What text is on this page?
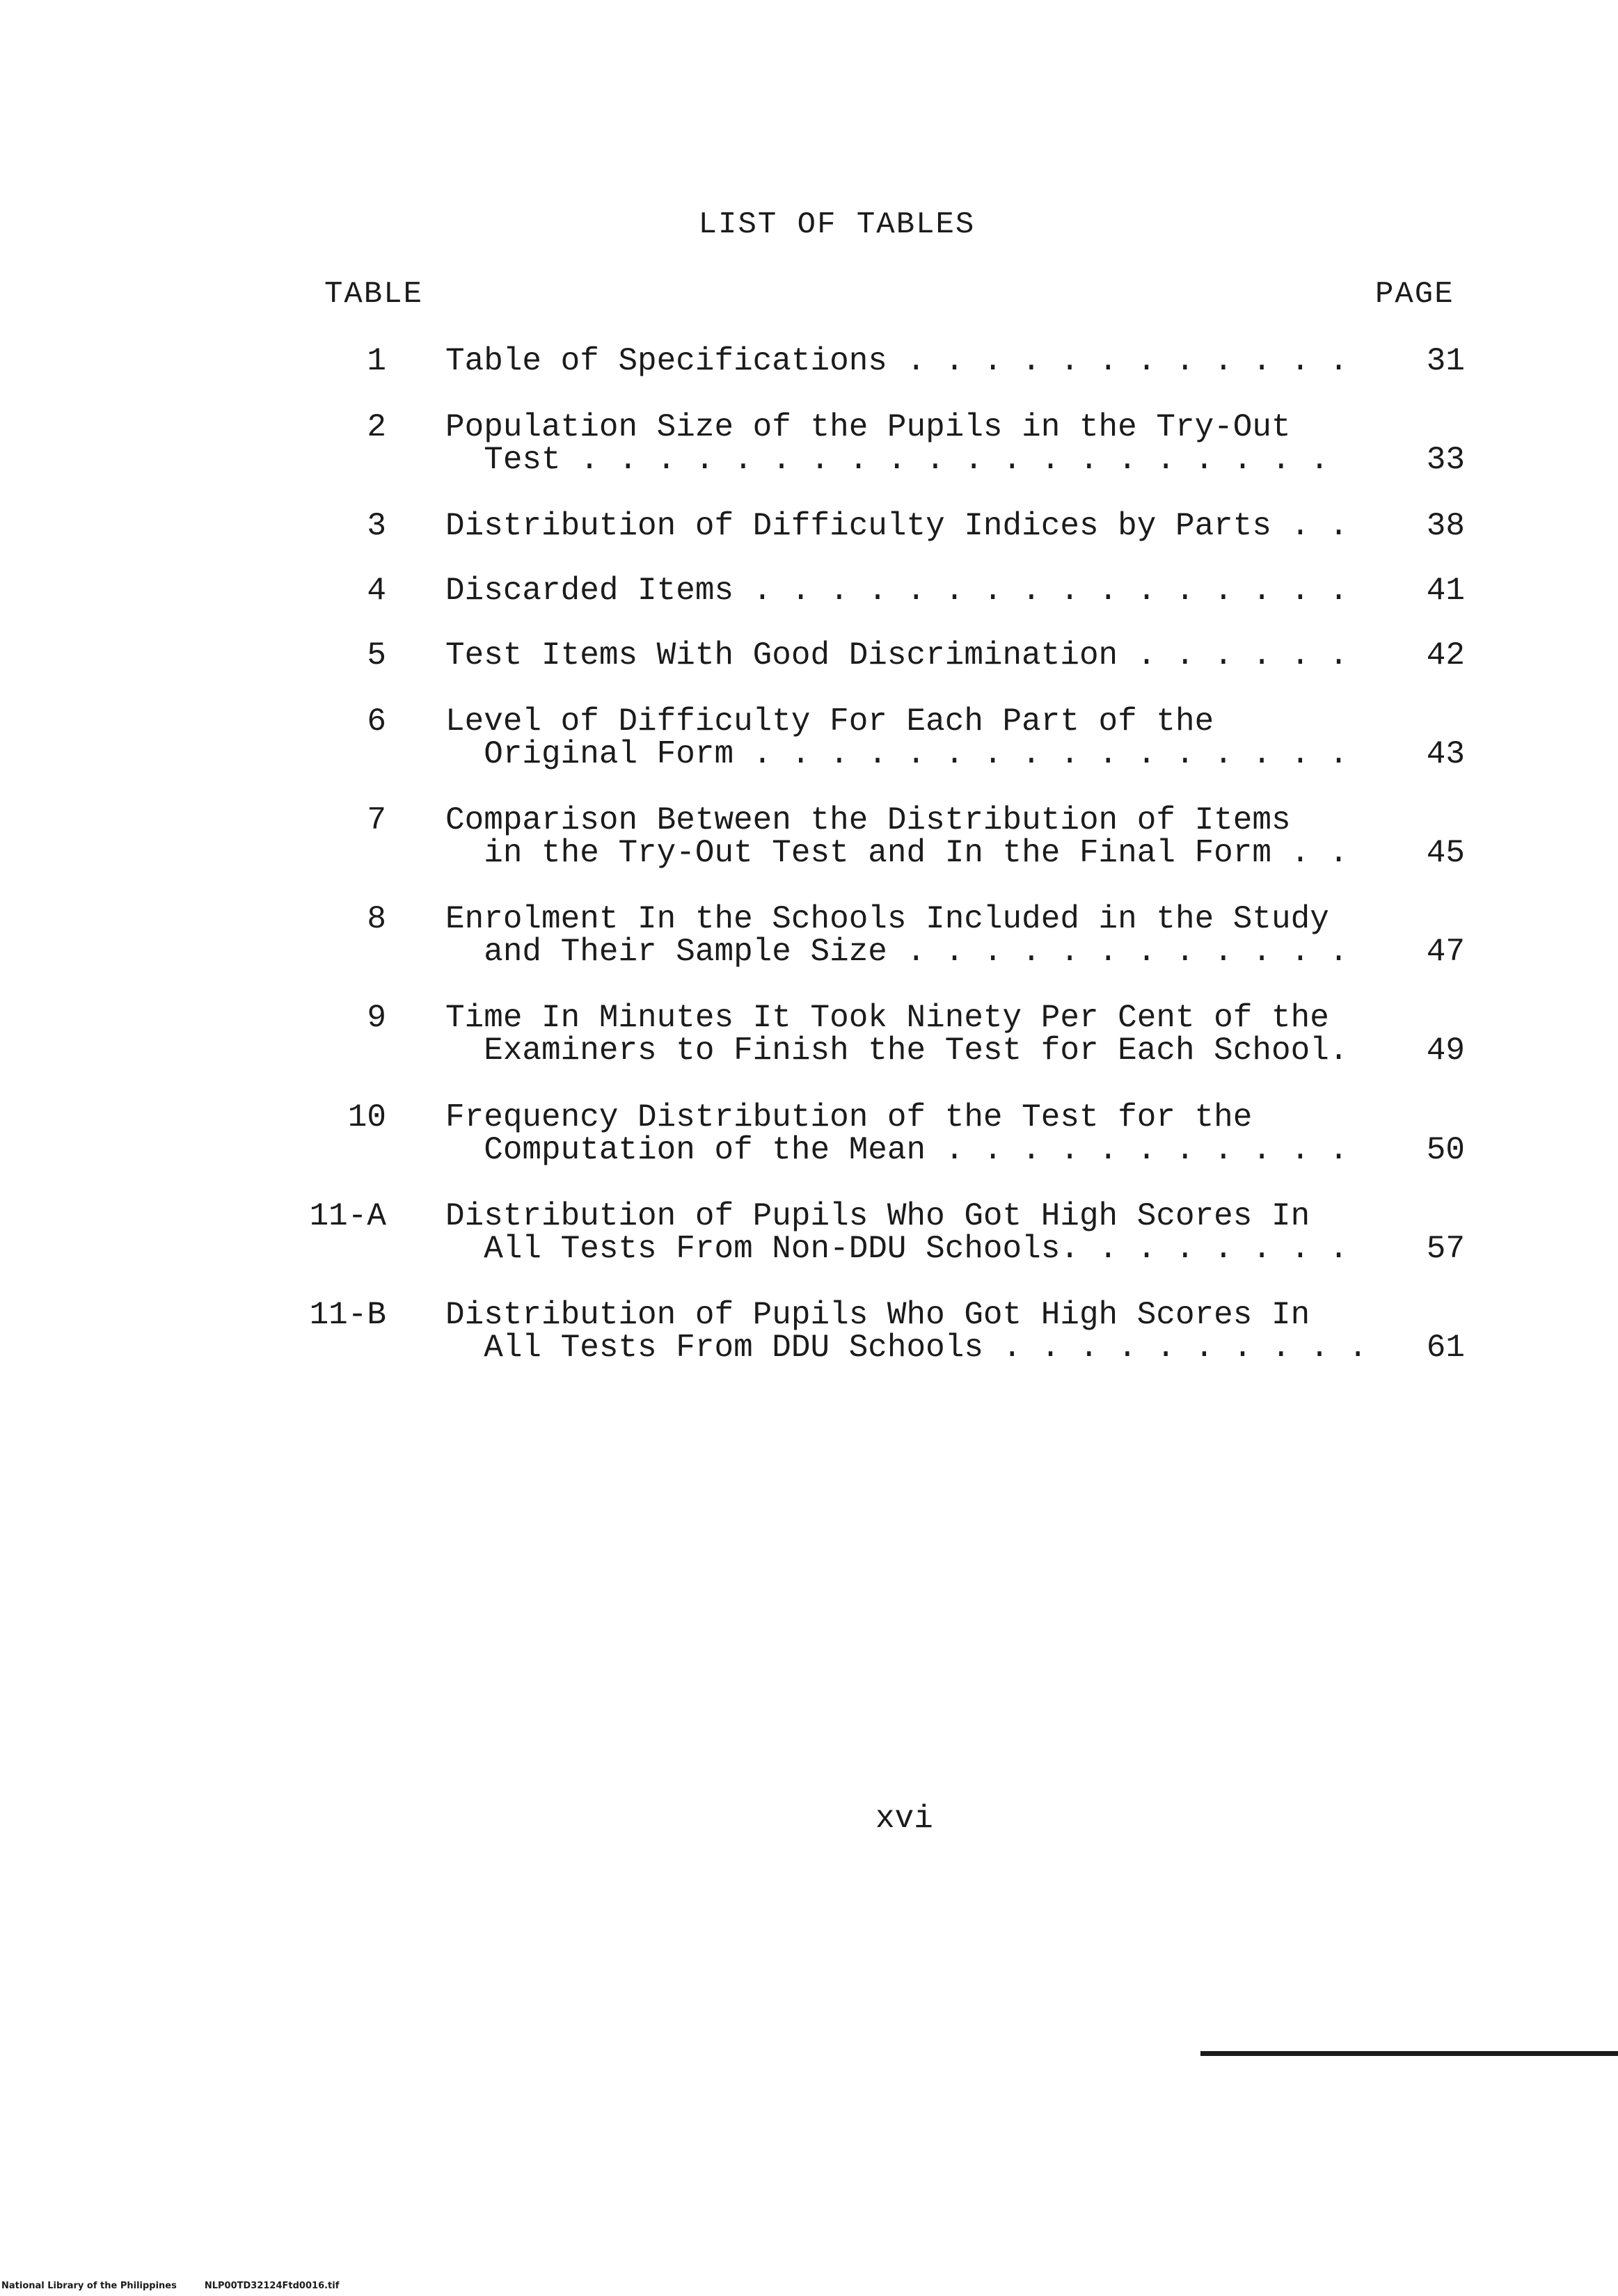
LIST OF TABLES
TABLE	PAGE
1 Table of Specifications . . . . . . . . . . . .	31
2 Population Size of the Pupils in the Try-Out
Test . . . . . . . . . . . . . . . . . . . .	33
3 Distribution of Difficulty Indices by Parts . .	38
4 Discarded Items . . . . . . . . . . . . . . . .	41
5 Test Items With Good Discrimination . . . . . .	42
6 Level of Difficulty For Each Part of the
Original Form . . . . . . . . . . . . . . . .	43
7 Comparison Between the Distribution of Items
in the Try-Out Test and In the Final Form . .	45
8 Enrolment In the Schools Included in the Study
and Their Sample Size . . . . . . . . . . . .	47
9 Time In Minutes It Took Ninety Per Cent of the
Examiners to Finish the Test for Each School.	49
10 Frequency Distribution of the Test for the
Computation of the Mean . . . . . . . . . . .	50
11-A Distribution of Pupils Who Got High Scores In
All Tests From Non-DDU Schools. . . . . . . .	57
11-B Distribution of Pupils Who Got High Scores In
All Tests From DDU Schools . . . . . . . . . .	61
xvi
National Library of the Philippines	NLP00TD32124Ftd0016.tif
